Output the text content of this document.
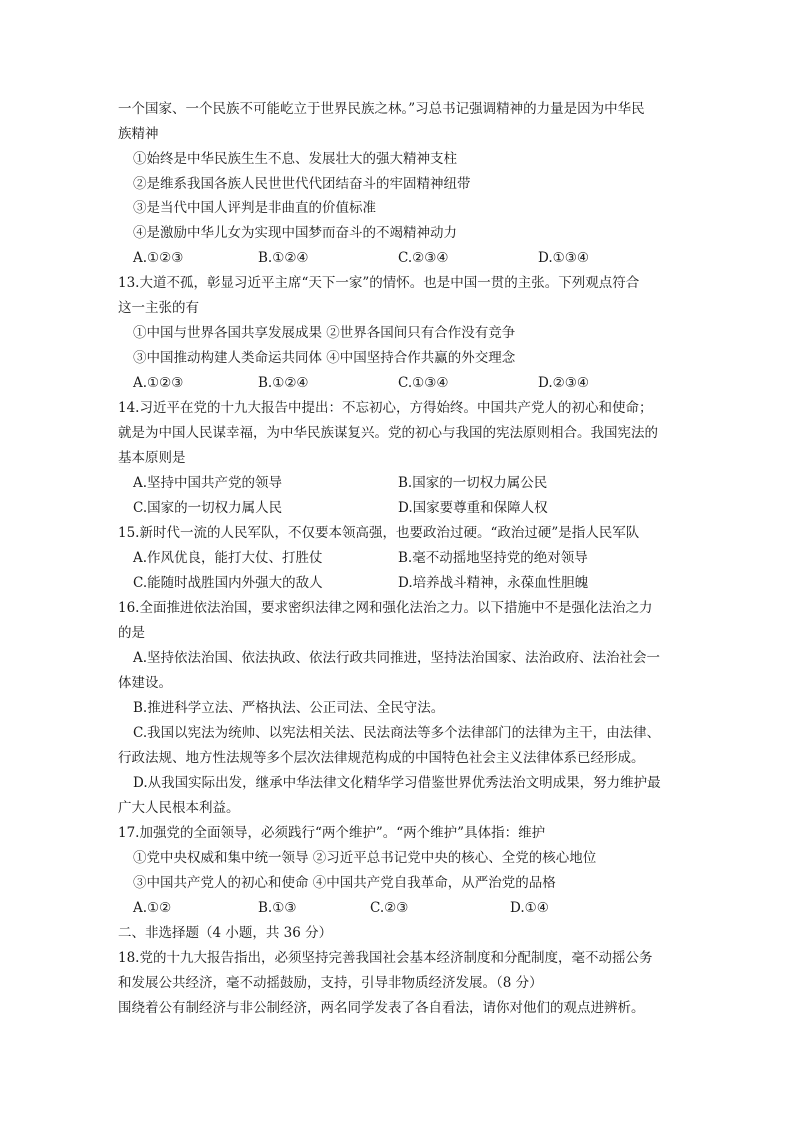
一个国家、一个民族不可能屹立于世界民族之林。”习总书记强调精神的力量是因为中华民
族精神
①始终是中华民族生生不息、发展壮大的强大精神支柱
②是维系我国各族人民世世代代团结奋斗的牢固精神纽带
③是当代中国人评判是非曲直的价值标准
④是激励中华儿女为实现中国梦而奋斗的不竭精神动力
A.①②③	B.①②④	C.②③④	D.①③④
13.大道不孤，彰显习近平主席“天下一家”的情怀。也是中国一贯的主张。下列观点符合
这一主张的有
①中国与世界各国共享发展成果 ②世界各国间只有合作没有竞争
③中国推动构建人类命运共同体 ④中国坚持合作共赢的外交理念
A.①②③	B.①②④	C.①③④	D.②③④
14.习近平在党的十九大报告中提出：不忘初心，方得始终。中国共产党人的初心和使命；
就是为中国人民谋幸福，为中华民族谋复兴。党的初心与我国的宪法原则相合。我国宪法的
基本原则是
A.坚持中国共产党的领导	B.国家的一切权力属公民
C.国家的一切权力属人民	D.国家要尊重和保障人权
15.新时代一流的人民军队，不仅要本领高强，也要政治过硬。“政治过硬”是指人民军队
A.作风优良，能打大仗、打胜仗	B.毫不动摇地坚持党的绝对领导
C.能随时战胜国内外强大的敌人	D.培养战斗精神，永葆血性胆魄
16.全面推进依法治国，要求密织法律之网和强化法治之力。以下措施中不是强化法治之力
的是
A.坚持依法治国、依法执政、依法行政共同推进，坚持法治国家、法治政府、法治社会一
体建设。
B.推进科学立法、严格执法、公正司法、全民守法。
C.我国以宪法为统帅、以宪法相关法、民法商法等多个法律部门的法律为主干，由法律、
行政法规、地方性法规等多个层次法律规范构成的中国特色社会主义法律体系已经形成。
D.从我国实际出发，继承中华法律文化精华学习借鉴世界优秀法治文明成果，努力维护最
广大人民根本利益。
17.加强党的全面领导，必须践行“两个维护”。“两个维护”具体指：维护
①党中央权威和集中统一领导 ②习近平总书记党中央的核心、全党的核心地位
③中国共产党人的初心和使命 ④中国共产党自我革命，从严治党的品格
A.①②	B.①③	C.②③	D.①④
二、非选择题（4 小题，共 36 分）
18.党的十九大报告指出，必须坚持完善我国社会基本经济制度和分配制度，毫不动摇公务
和发展公共经济，毫不动摇鼓励，支持，引导非物质经济发展。（8 分）
围绕着公有制经济与非公制经济，两名同学发表了各自看法，请你对他们的观点进辨析。
